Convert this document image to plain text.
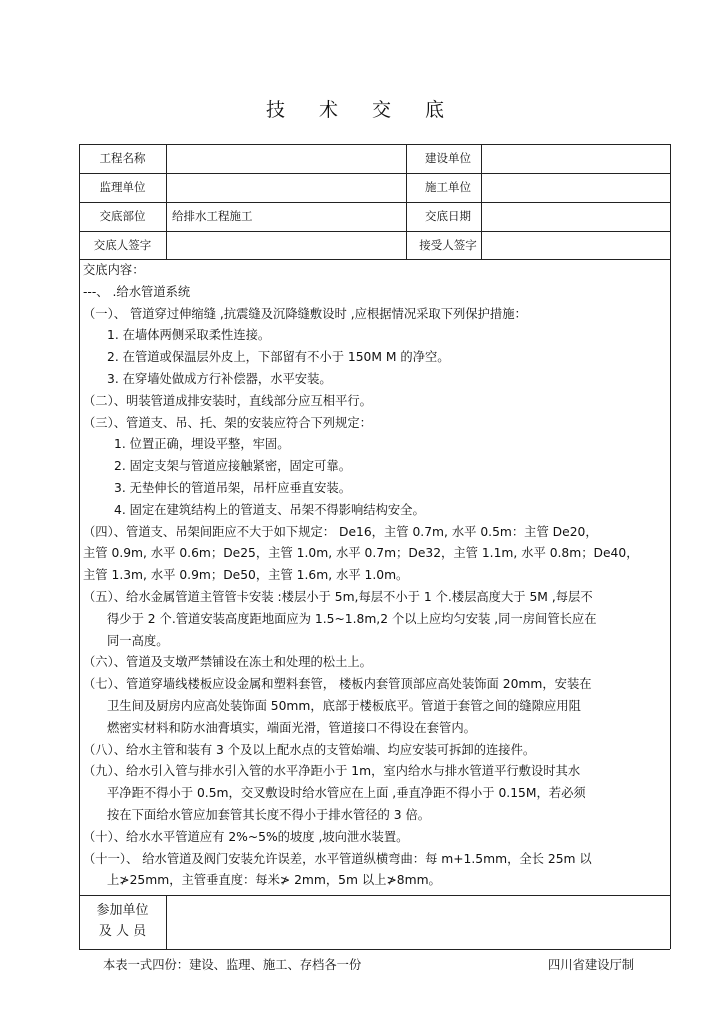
技 术 交 底
工程名称	建设单位
监理单位	施工单位
交底部位	给排水工程施工	交底日期
交底人签字	接受人签字
交底内容：
---、 .给水管道系统
（一）、 管道穿过伸缩缝 ,抗震缝及沉降缝敷设时 ,应根据情况采取下列保护措施：
1. 在墙体两侧采取柔性连接。
2. 在管道或保温层外皮上，下部留有不小于 150M M 的净空。
3. 在穿墙处做成方行补偿器，水平安装。
（二）、明装管道成排安装时，直线部分应互相平行。
（三）、管道支、吊、托、架的安装应符合下列规定：
1. 位置正确，埋设平整，牢固。
2. 固定支架与管道应接触紧密，固定可靠。
3. 无垫伸长的管道吊架，吊杆应垂直安装。
4. 固定在建筑结构上的管道支、吊架不得影响结构安全。
（四）、管道支、吊架间距应不大于如下规定： De16，主管 0.7m, 水平 0.5m：主管 De20，
主管 0.9m, 水平 0.6m；De25，主管 1.0m, 水平 0.7m；De32，主管 1.1m, 水平 0.8m；De40，
主管 1.3m, 水平 0.9m；De50，主管 1.6m, 水平 1.0m。
（五）、给水金属管道主管管卡安装 :楼层小于 5m,每层不小于 1 个.楼层高度大于 5M ,每层不
得少于 2 个.管道安装高度距地面应为 1.5~1.8m,2 个以上应均匀安装 ,同一房间管长应在
同一高度。
（六）、管道及支墩严禁铺设在冻土和处理的松土上。
（七）、管道穿墙线楼板应设金属和塑料套管， 楼板内套管顶部应高处装饰面 20mm，安装在
卫生间及厨房内应高处装饰面 50mm，底部于楼板底平。管道于套管之间的缝隙应用阻
燃密实材料和防水油膏填实，端面光滑，管道接口不得设在套管内。
（八）、给水主管和装有 3 个及以上配水点的支管始端、均应安装可拆卸的连接件。
（九）、给水引入管与排水引入管的水平净距小于 1m，室内给水与排水管道平行敷设时其水
平净距不得小于 0.5m，交叉敷设时给水管应在上面 ,垂直净距不得小于 0.15M，若必须
按在下面给水管应加套管其长度不得小于排水管径的 3 倍。
（十）、给水水平管道应有 2%~5%的坡度 ,坡向泄水装置。
（十一）、 给水管道及阀门安装允许误差，水平管道纵横弯曲：每 m+1.5mm，全长 25m 以
上≯25mm，主管垂直度：每米≯ 2mm，5m 以上≯8mm。
参加单位
及 人 员
本表一式四份：建设、监理、施工、存档各一份	四川省建设厅制
